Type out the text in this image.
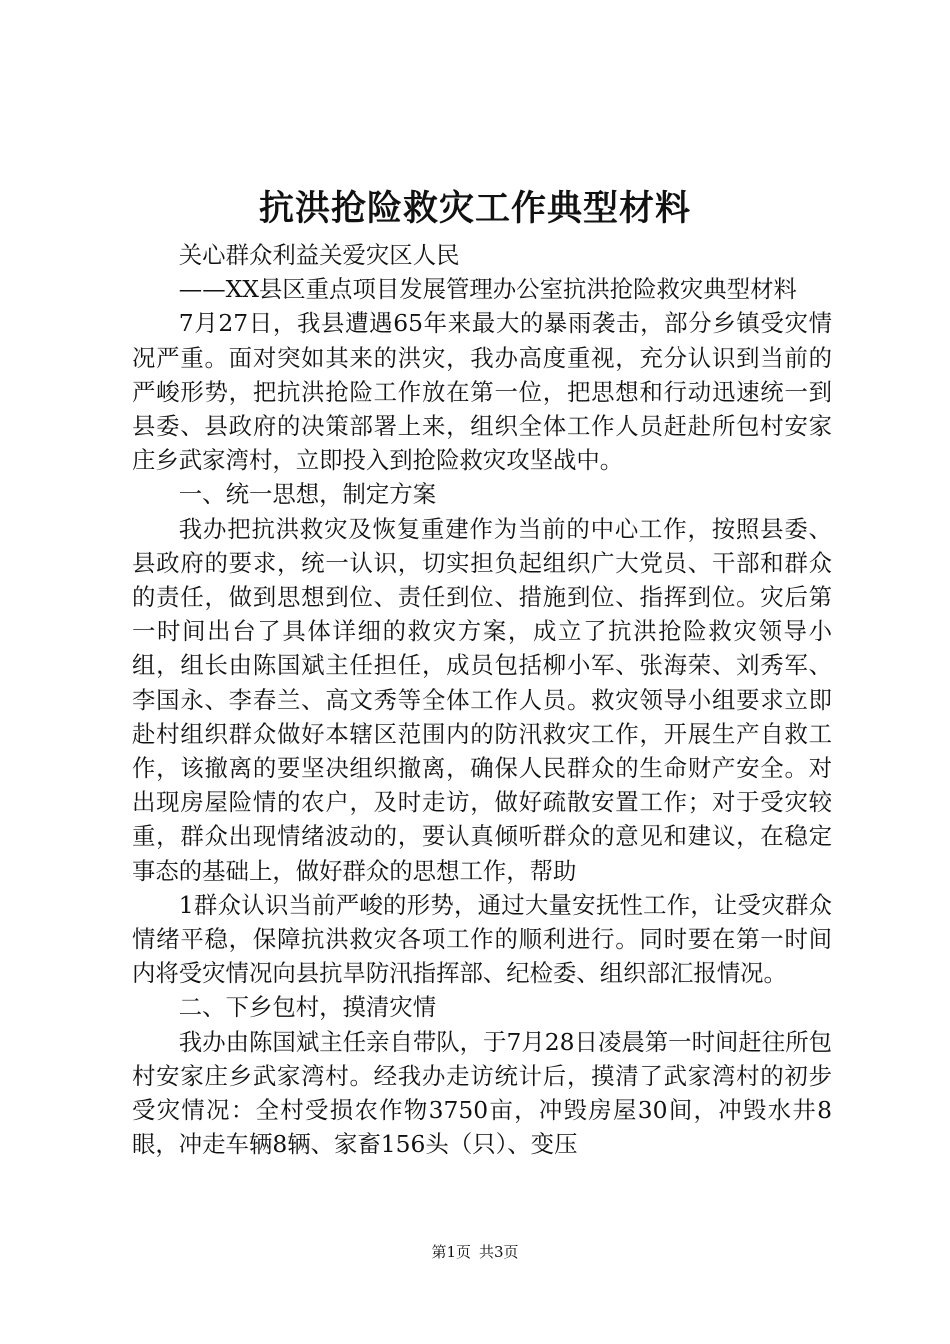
抗洪抢险救灾工作典型材料

关心群众利益关爱灾区人民

——XX县区重点项目发展管理办公室抗洪抢险救灾典型材料

7月27日，我县遭遇65年来最大的暴雨袭击，部分乡镇受灾情况严重。面对突如其来的洪灾，我办高度重视，充分认识到当前的严峻形势，把抗洪抢险工作放在第一位，把思想和行动迅速统一到县委、县政府的决策部署上来，组织全体工作人员赶赴所包村安家庄乡武家湾村，立即投入到抢险救灾攻坚战中。

一、统一思想，制定方案

我办把抗洪救灾及恢复重建作为当前的中心工作，按照县委、县政府的要求，统一认识，切实担负起组织广大党员、干部和群众的责任，做到思想到位、责任到位、措施到位、指挥到位。灾后第一时间出台了具体详细的救灾方案，成立了抗洪抢险救灾领导小组，组长由陈国斌主任担任，成员包括柳小军、张海荣、刘秀军、李国永、李春兰、高文秀等全体工作人员。救灾领导小组要求立即赴村组织群众做好本辖区范围内的防汛救灾工作，开展生产自救工作，该撤离的要坚决组织撤离，确保人民群众的生命财产安全。对出现房屋险情的农户，及时走访，做好疏散安置工作；对于受灾较重，群众出现情绪波动的，要认真倾听群众的意见和建议，在稳定事态的基础上，做好群众的思想工作，帮助

1群众认识当前严峻的形势，通过大量安抚性工作，让受灾群众情绪平稳，保障抗洪救灾各项工作的顺利进行。同时要在第一时间内将受灾情况向县抗旱防汛指挥部、纪检委、组织部汇报情况。

二、下乡包村，摸清灾情

我办由陈国斌主任亲自带队，于7月28日凌晨第一时间赶往所包村安家庄乡武家湾村。经我办走访统计后，摸清了武家湾村的初步受灾情况：全村受损农作物3750亩，冲毁房屋30间，冲毁水井8眼，冲走车辆8辆、家畜156头（只）、变压

第1页 共3页
